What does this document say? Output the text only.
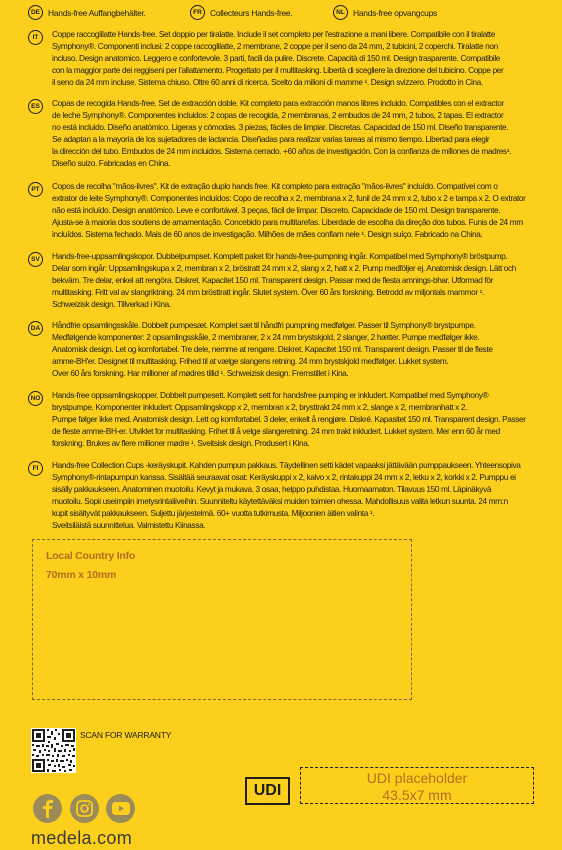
DE Hands-free Auffangbehälter.	FR Collecteurs Hands-free.	NL Hands-free opvangcups
IT	Coppe raccoglilatte Hands-free. Set doppio per tiralatte. Include il set completo per l'estrazione a mani libere. Compatibile con il tiralatte

Symphony®. Componenti inclusi: 2 coppe raccoglilatte, 2 membrane, 2 coppe per il seno da 24 mm, 2 tubicini, 2 coperchi. Tiralatte non

incluso. Design anatomico. Leggero e confortevole. 3 parti, facili da pulire. Discrete. Capacità di 150 ml. Design trasparente. Compatibile

con la maggior parte dei reggiseni per l'allattamento. Progettato per il multitasking. Libertà di scegliere la direzione del tubicino. Coppe per

il seno da 24 mm incluse. Sistema chiuso. Oltre 60 anni di ricerca. Scelto da milioni di mamme ¹. Design svizzero. Prodotto in Cina.

ES	Copas de recogida Hands-free. Set de extracción doble. Kit completo para extracción manos libres incluido. Compatibles con el extractor

de leche Symphony®. Componentes incluidos: 2 copas de recogida, 2 membranas, 2 embudos de 24 mm, 2 tubos, 2 tapas. El extractor

no está incluido. Diseño anatómico. Ligeras y cómodas. 3 piezas, fáciles de limpiar. Discretas. Capacidad de 150 ml. Diseño transparente.

Se adaptan a la mayoría de los sujetadores de lactancia. Diseñadas para realizar varias tareas al mismo tiempo. Libertad para elegir

la dirección del tubo. Embudos de 24 mm incluidos. Sistema cerrado. +60 años de investigación. Con la confianza de millones de madres¹.

Diseño suizo. Fabricadas en China.

PT	Copos de recolha "mãos-livres". Kit de extração duplo hands free. Kit completo para extração "mãos-livres" incluído. Compatível com o

extrator de leite Symphony®. Componentes incluídos: Copo de recolha x 2, membrana x 2, funil de 24 mm x 2, tubo x 2 e tampa x 2. O extrator

não está incluído. Design anatómico. Leve e confortável. 3 peças, fácil de limpar. Discreto. Capacidade de 150 ml. Design transparente.

Ajusta-se à maioria dos soutiens de amamentação. Concebido para multitarefas. Liberdade de escolha da direção dos tubos. Funis de 24 mm

incluídos. Sistema fechado. Mais de 60 anos de investigação. Milhões de mães confiam nele ¹. Design suíço. Fabricado na China.

SV	Hands-free-uppsamlingskopor. Dubbelpumpset. Komplett paket för hands-free-pumpning ingår. Kompatibel med Symphony® bröstpump.

Delar som ingår: Uppsamlingskupa x 2, membran x 2, bröstratt 24 mm x 2, slang x 2, hatt x 2. Pump medföljer ej. Anatomisk design. Lätt och

bekväm. Tre delar, enkel att rengöra. Diskret. Kapacitet 150 ml. Transparent design. Passar med de flesta amnings-bhar. Utformad för

multitasking. Fritt val av slangriktning. 24 mm brösttratt ingår. Slutet system. Över 60 års forskning. Betrodd av miljontals mammor ¹.

Schweizisk design. Tillverkad i Kina.

DA	Håndfrie opsamlingsskåle. Dobbelt pumpesæt. Komplet sæt til håndfri pumpning medfølger. Passer til Symphony® brystpumpe.

Medfølgende komponenter: 2 opsamlingsskåle, 2 membraner, 2 x 24 mm brystskjold, 2 slanger, 2 hætter. Pumpe medfølger ikke.

Anatomisk design. Let og komfortabel. Tre dele, nemme at rengøre. Diskret. Kapacitet 150 ml. Transparent design. Passer til de fleste

amme-BH'er. Designet til multitasking. Frihed til at vælge slangens retning. 24 mm brystskjold medfølger. Lukket system.

Over 60 års forskning. Har millioner af mødres tillid ¹. Schweizisk design. Fremstillet i Kina.

NO	Hands-free oppsamlingskopper. Dobbelt pumpesett. Komplett sett for handsfree pumping er inkludert. Kompatibel med Symphony®

brystpumpe. Komponenter inkludert: Oppsamlingskopp x 2, membran x 2, brysttrakt 24 mm x 2, slange x 2, membranhatt x 2.

Pumpe følger ikke med. Anatomisk design. Lett og komfortabel. 3 deler, enkelt å rengjøre. Diskré. Kapasitet 150 ml. Transparent design. Passer

de fleste amme-BH-er. Utviklet for multitasking. Frihet til å velge slangeretning. 24 mm trakt inkludert. Lukket system. Mer enn 60 år med

forskning. Brukes av flere millioner mødre ¹. Sveitsisk design. Produsert i Kina.

FI	Hands-free Collection Cups -keräyskupit. Kahden pumpun pakkaus. Täydellinen setti kädet vapaaksi jättävään pumppaukseen. Yhteensopiva

Symphony®-rintapumpun kanssa. Sisältää seuraavat osat: Keräyskuppi x 2, kalvo x 2, rintakuppi 24 mm x 2, letku x 2, korkki x 2. Pumppu ei

sisälly pakkaukseen. Anatominen muotoilu. Kevyt ja mukava. 3 osaa, helppo puhdistaa. Huomaamaton. Tilavuus 150 ml. Läpinäkyvä

muotoilu. Sopii useimpiin imetysrintaliiveihin. Suunniteltu käytettäväksi muiden toimien ohessa. Mahdollisuus valita letkun suunta. 24 mm:n

kupit sisältyvät pakkaukseen. Suljettu järjestelmä. 60+ vuotta tutkimusta. Miljoonien äitien valinta ¹.

Sveitsiläistä suunnittelua. Valmistettu Kiinassa.

Local Country Info
70mm x 10mm
SCAN FOR WARRANTY
UDI
UDI placeholder
43.5x7 mm
medela.com
